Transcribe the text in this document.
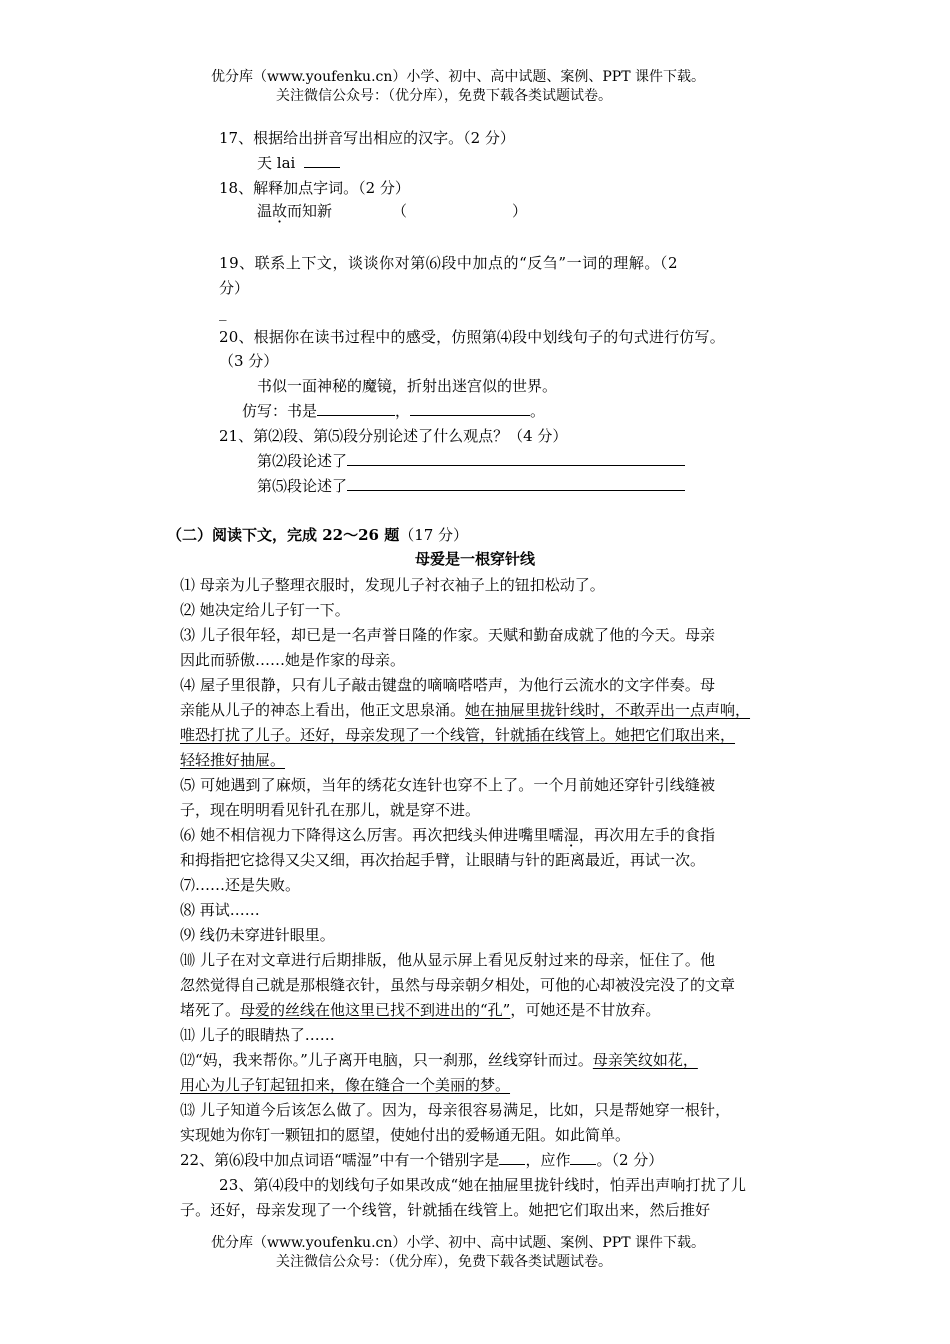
优分库（www.youfenku.cn）小学、初中、高中试题、案例、PPT 课件下载。
关注微信公众号：（优分库），免费下载各类试题试卷。
17、根据给出拼音写出相应的汉字。（2 分）
天 lai
18、解释加点字词。（2 分）
温故而知新	（	）
19、联系上下文，谈谈你对第⑹段中加点的“反刍”一词的理解。（2
分）
_
20、根据你在读书过程中的感受，仿照第⑷段中划线句子的句式进行仿写。
（3 分）
书似一面神秘的魔镜，折射出迷宫似的世界。
仿写：书是	，	。
21、第⑵段、第⑸段分别论述了什么观点？（4 分）
第⑵段论述了
第⑸段论述了
（二）阅读下文，完成 22～26 题（17 分）
母爱是一根穿针线
⑴ 母亲为儿子整理衣服时，发现儿子衬衣袖子上的钮扣松动了。
⑵ 她决定给儿子钉一下。
⑶ 儿子很年轻，却已是一名声誉日隆的作家。天赋和勤奋成就了他的今天。母亲
因此而骄傲……她是作家的母亲。
⑷ 屋子里很静，只有儿子敲击键盘的嘀嘀嗒嗒声，为他行云流水的文字伴奏。母
亲能从儿子的神态上看出，他正文思泉涌。她在抽屉里拢针线时，不敢弄出一点声响，
唯恐打扰了儿子。还好，母亲发现了一个线管，针就插在线管上。她把它们取出来，
轻轻推好抽屉。
⑸ 可她遇到了麻烦，当年的绣花女连针也穿不上了。一个月前她还穿针引线缝被
子，现在明明看见针孔在那儿，就是穿不进。
⑹ 她不相信视力下降得这么厉害。再次把线头伸进嘴里嚅湿，再次用左手的食指
和拇指把它捻得又尖又细，再次抬起手臂，让眼睛与针的距离最近，再试一次。
⑺……还是失败。
⑻ 再试……
⑼ 线仍未穿进针眼里。
⑽ 儿子在对文章进行后期排版，他从显示屏上看见反射过来的母亲，怔住了。他
忽然觉得自己就是那根缝衣针，虽然与母亲朝夕相处，可他的心却被没完没了的文章
堵死了。母爱的丝线在他这里已找不到进出的“孔”，可她还是不甘放弃。
⑾ 儿子的眼睛热了……
⑿“妈，我来帮你。”儿子离开电脑，只一刹那，丝线穿针而过。母亲笑纹如花，
用心为儿子钉起钮扣来，像在缝合一个美丽的梦。
⒀ 儿子知道今后该怎么做了。因为，母亲很容易满足，比如，只是帮她穿一根针，
实现她为你钉一颗钮扣的愿望，使她付出的爱畅通无阻。如此简单。
22、第⑹段中加点词语“嚅湿”中有一个错别字是 ，应作 。（2 分）
23、第⑷段中的划线句子如果改成“她在抽屉里拢针线时，怕弄出声响打扰了儿
子。还好，母亲发现了一个线管，针就插在线管上。她把它们取出来，然后推好
优分库（www.youfenku.cn）小学、初中、高中试题、案例、PPT 课件下载。
关注微信公众号：（优分库），免费下载各类试题试卷。
